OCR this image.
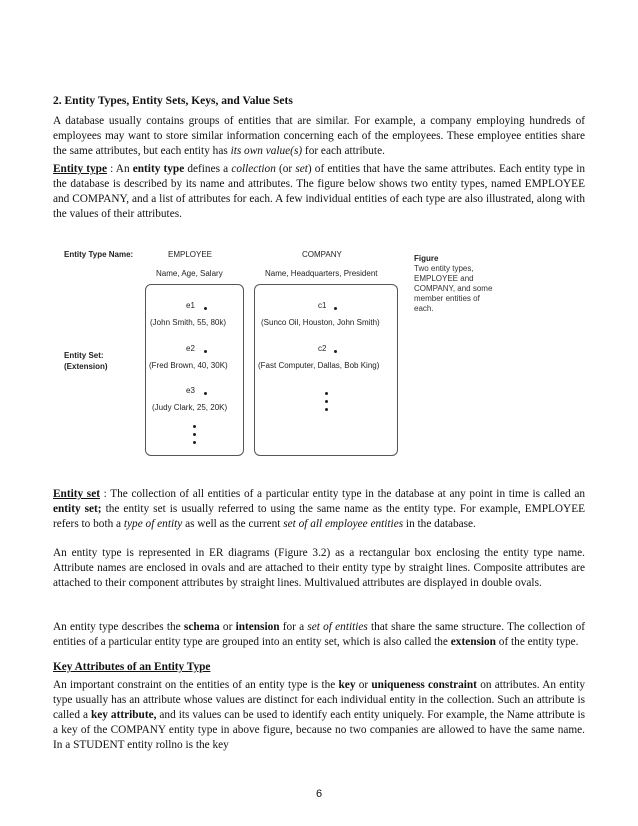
2. Entity Types, Entity Sets, Keys, and Value Sets

A database usually contains groups of entities that are similar. For example, a company employing hundreds of employees may want to store similar information concerning each of the employees. These employee entities share the same attributes, but each entity has its own value(s) for each attribute.

Entity type : An entity type defines a collection (or set) of entities that have the same attributes. Each entity type in the database is described by its name and attributes. The figure below shows two entity types, named EMPLOYEE and COMPANY, and a list of attributes for each. A few individual entities of each type are also illustrated, along with the values of their attributes.

Entity set : The collection of all entities of a particular entity type in the database at any point in time is called an entity set; the entity set is usually referred to using the same name as the entity type. For example, EMPLOYEE refers to both a type of entity as well as the current set of all employee entities in the database.

An entity type is represented in ER diagrams (Figure 3.2) as a rectangular box enclosing the entity type name. Attribute names are enclosed in ovals and are attached to their entity type by straight lines. Composite attributes are attached to their component attributes by straight lines. Multivalued attributes are displayed in double ovals.

An entity type describes the schema or intension for a set of entities that share the same structure. The collection of entities of a particular entity type are grouped into an entity set, which is also called the extension of the entity type.

Key Attributes of an Entity Type

An important constraint on the entities of an entity type is the key or uniqueness constraint on attributes. An entity type usually has an attribute whose values are distinct for each individual entity in the collection. Such an attribute is called a key attribute, and its values can be used to identify each entity uniquely. For example, the Name attribute is a key of the COMPANY entity type in above figure, because no two companies are allowed to have the same name. In a STUDENT entity rollno is the key

Entity Type Name:
Entity Set:
(Extension)
EMPLOYEE
Name, Age, Salary
e1
(John Smith, 55, 80k)
e2
(Fred Brown, 40, 30K)
e3
(Judy Clark, 25, 20K)
COMPANY
Name, Headquarters, President
c1
(Sunco Oil, Houston, John Smith)
c2
(Fast Computer, Dallas, Bob King)
Figure
Two entity types,
EMPLOYEE and
COMPANY, and some
member entities of
each.
6
